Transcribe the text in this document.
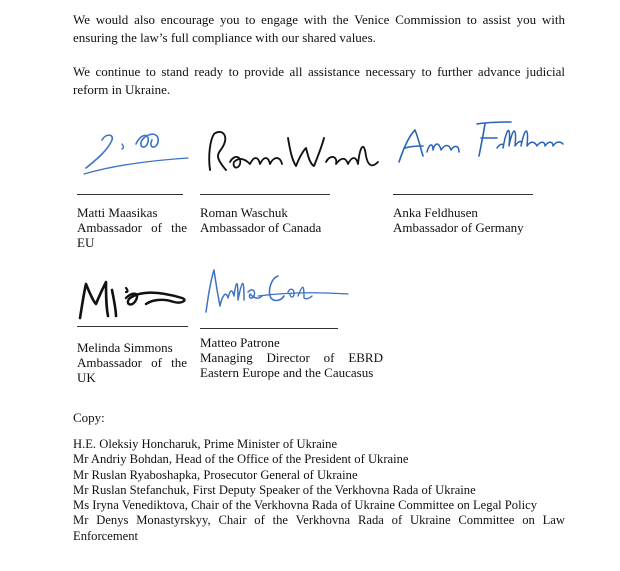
We would also encourage you to engage with the Venice Commission to assist you with ensuring the law’s full compliance with our shared values.

We continue to stand ready to provide all assistance necessary to further advance judicial reform in Ukraine.

Matti Maasikas
Ambassador of the EU
Roman Waschuk
Ambassador of Canada
Anka Feldhusen
Ambassador of Germany
Melinda Simmons
Ambassador of the UK
Matteo Patrone
Managing Director of EBRD Eastern Europe and the Caucasus
Copy:
H.E. Oleksiy Honcharuk, Prime Minister of Ukraine
Mr Andriy Bohdan, Head of the Office of the President of Ukraine
Mr Ruslan Ryaboshapka, Prosecutor General of Ukraine
Mr Ruslan Stefanchuk, First Deputy Speaker of the Verkhovna Rada of Ukraine
Ms Iryna Venediktova, Chair of the Verkhovna Rada of Ukraine Committee on Legal Policy
Mr Denys Monastyrskyy, Chair of the Verkhovna Rada of Ukraine Committee on Law Enforcement
